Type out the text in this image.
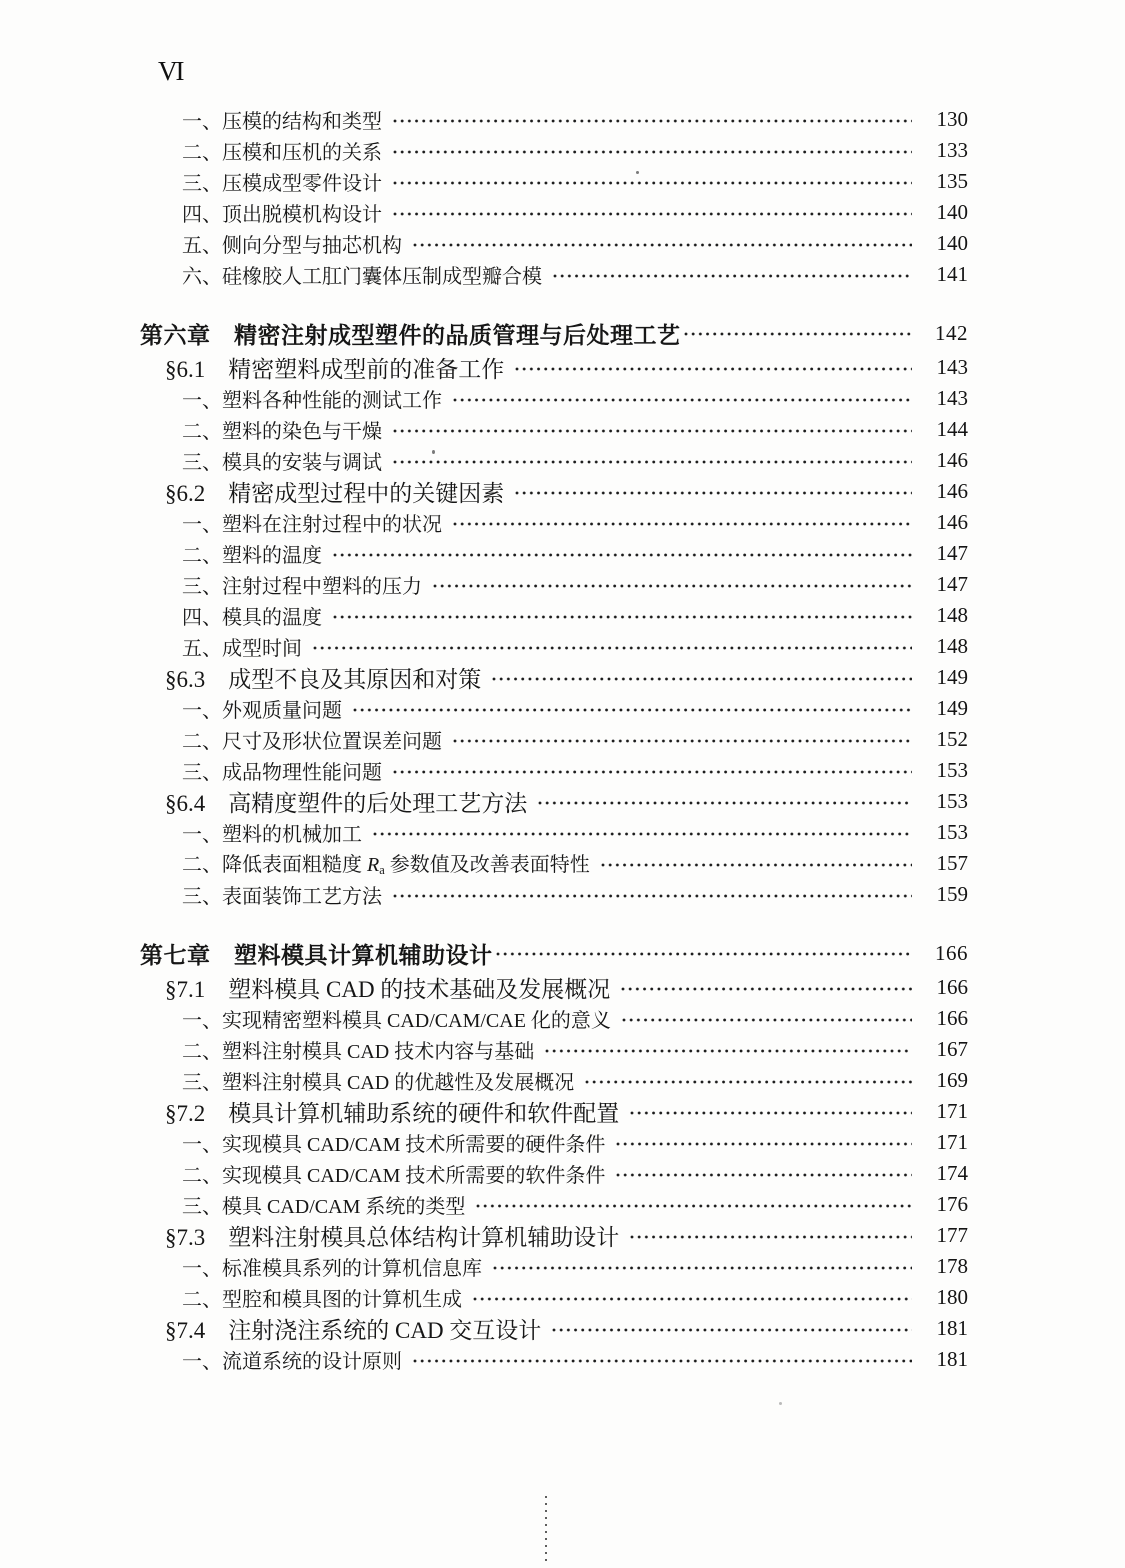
VI
一、压模的结构和类型	130
二、压模和压机的关系	133
三、压模成型零件设计	135
四、顶出脱模机构设计	140
五、侧向分型与抽芯机构	140
六、硅橡胶人工肛门囊体压制成型瓣合模	141
第六章　精密注射成型塑件的品质管理与后处理工艺	142
§6.1　精密塑料成型前的准备工作	143
一、塑料各种性能的测试工作	143
二、塑料的染色与干燥	144
三、模具的安装与调试	146
§6.2　精密成型过程中的关键因素	146
一、塑料在注射过程中的状况	146
二、塑料的温度	147
三、注射过程中塑料的压力	147
四、模具的温度	148
五、成型时间	148
§6.3　成型不良及其原因和对策	149
一、外观质量问题	149
二、尺寸及形状位置误差问题	152
三、成品物理性能问题	153
§6.4　高精度塑件的后处理工艺方法	153
一、塑料的机械加工	153
二、降低表面粗糙度 $R_a$ 参数值及改善表面特性	157
三、表面装饰工艺方法	159
第七章　塑料模具计算机辅助设计	166
§7.1　塑料模具 CAD 的技术基础及发展概况	166
一、实现精密塑料模具 CAD/CAM/CAE 化的意义	166
二、塑料注射模具 CAD 技术内容与基础	167
三、塑料注射模具 CAD 的优越性及发展概况	169
§7.2　模具计算机辅助系统的硬件和软件配置	171
一、实现模具 CAD/CAM 技术所需要的硬件条件	171
二、实现模具 CAD/CAM 技术所需要的软件条件	174
三、模具 CAD/CAM 系统的类型	176
§7.3　塑料注射模具总体结构计算机辅助设计	177
一、标准模具系列的计算机信息库	178
二、型腔和模具图的计算机生成	180
§7.4　注射浇注系统的 CAD 交互设计	181
一、流道系统的设计原则	181
